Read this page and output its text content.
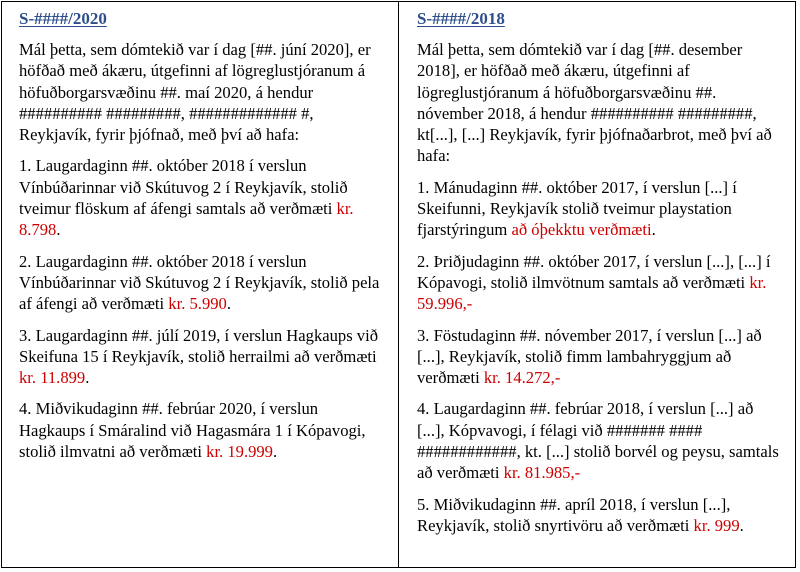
S-####/2020

Mál þetta, sem dómtekið var í dag [##. júní 2020], er höfðað með ákæru, útgefinni af lögreglustjóranum á höfuðborgarsvæðinu ##. maí 2020, á hendur ########## #########, ############# #, Reykjavík, fyrir þjófnað, með því að hafa:

1. Laugardaginn ##. október 2018 í verslun Vínbúðarinnar við Skútuvog 2 í Reykjavík, stolið tveimur flöskum af áfengi samtals að verðmæti kr. 8.798.

2. Laugardaginn ##. október 2018 í verslun Vínbúðarinnar við Skútuvog 2 í Reykjavík, stolið pela af áfengi að verðmæti kr. 5.990.

3. Laugardaginn ##. júlí 2019, í verslun Hagkaups við Skeifuna 15 í Reykjavík, stolið herrailmi að verðmæti kr. 11.899.

4. Miðvikudaginn ##. febrúar 2020, í verslun Hagkaups í Smáralind við Hagasmára 1 í Kópavogi, stolið ilmvatni að verðmæti kr. 19.999.

S-####/2018

Mál þetta, sem dómtekið var í dag [##. desember 2018], er höfðað með ákæru, útgefinni af lögreglustjóranum á höfuðborgarsvæðinu ##. nóvember 2018, á hendur ########## #########, kt[...], [...] Reykjavík, fyrir þjófnaðarbrot, með því að hafa:

1. Mánudaginn ##. október 2017, í verslun [...] í Skeifunni, Reykjavík stolið tveimur playstation fjarstýringum að óþekktu verðmæti.

2. Þriðjudaginn ##. október 2017, í verslun [...], [...] í Kópavogi, stolið ilmvötnum samtals að verðmæti kr. 59.996,-

3. Föstudaginn ##. nóvember 2017, í verslun [...] að [...], Reykjavík, stolið fimm lambahryggjum að verðmæti kr. 14.272,-

4. Laugardaginn ##. febrúar 2018, í verslun [...] að [...], Kópvavogi, í félagi við ####### #### ############, kt. [...] stolið borvél og peysu, samtals að verðmæti kr. 81.985,-

5. Miðvikudaginn ##. apríl 2018, í verslun [...], Reykjavík, stolið snyrtivöru að verðmæti kr. 999.
